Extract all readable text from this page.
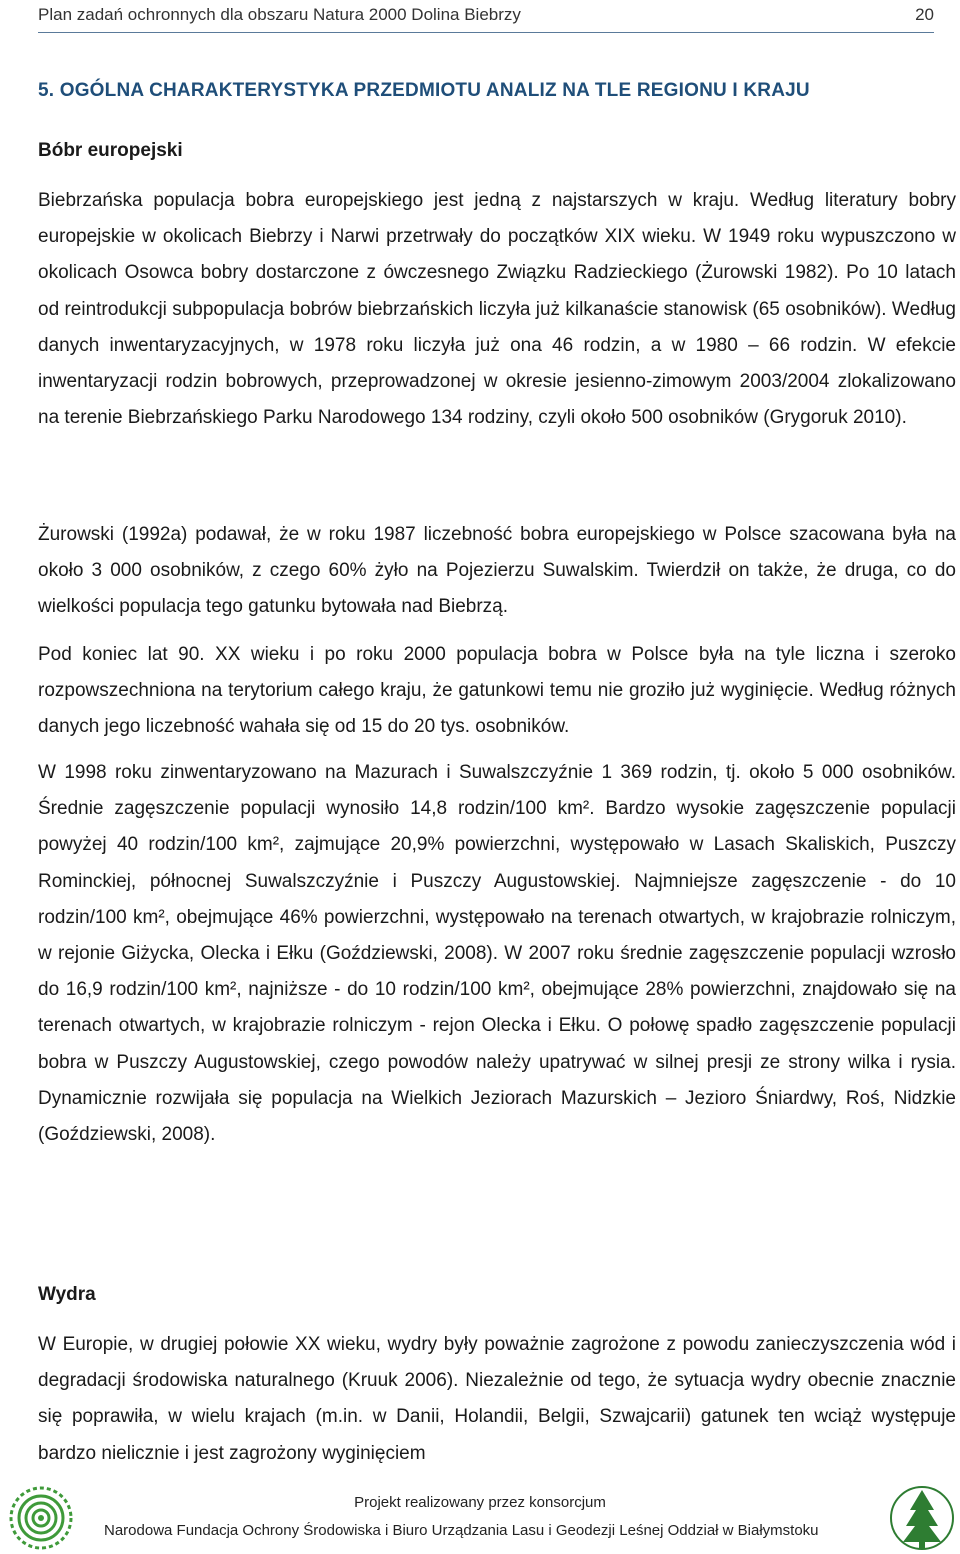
Plan zadań ochronnych dla obszaru Natura 2000 Dolina Biebrzy	20
5. OGÓLNA CHARAKTERYSTYKA PRZEDMIOTU ANALIZ NA TLE REGIONU I KRAJU
Bóbr europejski

Biebrzańska populacja bobra europejskiego jest jedną z najstarszych w kraju. Według literatury bobry europejskie w okolicach Biebrzy i Narwi przetrwały do początków XIX wieku. W 1949 roku wypuszczono w okolicach Osowca bobry dostarczone z ówczesnego Związku Radzieckiego (Żurowski 1982). Po 10 latach od reintrodukcji subpopulacja bobrów biebrzańskich liczyła już kilkanaście stanowisk (65 osobników). Według danych inwentaryzacyjnych, w 1978 roku liczyła już ona 46 rodzin, a w 1980 – 66 rodzin. W efekcie inwentaryzacji rodzin bobrowych, przeprowadzonej w okresie jesienno-zimowym 2003/2004 zlokalizowano na terenie Biebrzańskiego Parku Narodowego 134 rodziny, czyli około 500 osobników (Grygoruk 2010).

Żurowski (1992a) podawał, że w roku 1987 liczebność bobra europejskiego w Polsce szacowana była na około 3 000 osobników, z czego 60% żyło na Pojezierzu Suwalskim. Twierdził on także, że druga, co do wielkości populacja tego gatunku bytowała nad Biebrzą.

Pod koniec lat 90. XX wieku i po roku 2000 populacja bobra w Polsce była na tyle liczna i szeroko rozpowszechniona na terytorium całego kraju, że gatunkowi temu nie groziło już wyginięcie. Według różnych danych jego liczebność wahała się od 15 do 20 tys. osobników.

W 1998 roku zinwentaryzowano na Mazurach i Suwalszczyźnie 1 369 rodzin, tj. około 5 000 osobników. Średnie zagęszczenie populacji wynosiło 14,8 rodzin/100 km². Bardzo wysokie zagęszczenie populacji powyżej 40 rodzin/100 km², zajmujące 20,9% powierzchni, występowało w Lasach Skaliskich, Puszczy Rominckiej, północnej Suwalszczyźnie i Puszczy Augustowskiej. Najmniejsze zagęszczenie - do 10 rodzin/100 km², obejmujące 46% powierzchni, występowało na terenach otwartych, w krajobrazie rolniczym, w rejonie Giżycka, Olecka i Ełku (Goździewski, 2008). W 2007 roku średnie zagęszczenie populacji wzrosło do 16,9 rodzin/100 km², najniższe - do 10 rodzin/100 km², obejmujące 28% powierzchni, znajdowało się na terenach otwartych, w krajobrazie rolniczym - rejon Olecka i Ełku. O połowę spadło zagęszczenie populacji bobra w Puszczy Augustowskiej, czego powodów należy upatrywać w silnej presji ze strony wilka i rysia. Dynamicznie rozwijała się populacja na Wielkich Jeziorach Mazurskich – Jezioro Śniardwy, Roś, Nidzkie (Goździewski, 2008).

Wydra

W Europie, w drugiej połowie XX wieku, wydry były poważnie zagrożone z powodu zanieczyszczenia wód i degradacji środowiska naturalnego (Kruuk 2006). Niezależnie od tego, że sytuacja wydry obecnie znacznie się poprawiła, w wielu krajach (m.in. w Danii, Holandii, Belgii, Szwajcarii) gatunek ten wciąż występuje bardzo nielicznie i jest zagrożony wyginięciem

Projekt realizowany przez konsorcjum
Narodowa Fundacja Ochrony Środowiska i Biuro Urządzania Lasu i Geodezji Leśnej Oddział w Białymstoku
